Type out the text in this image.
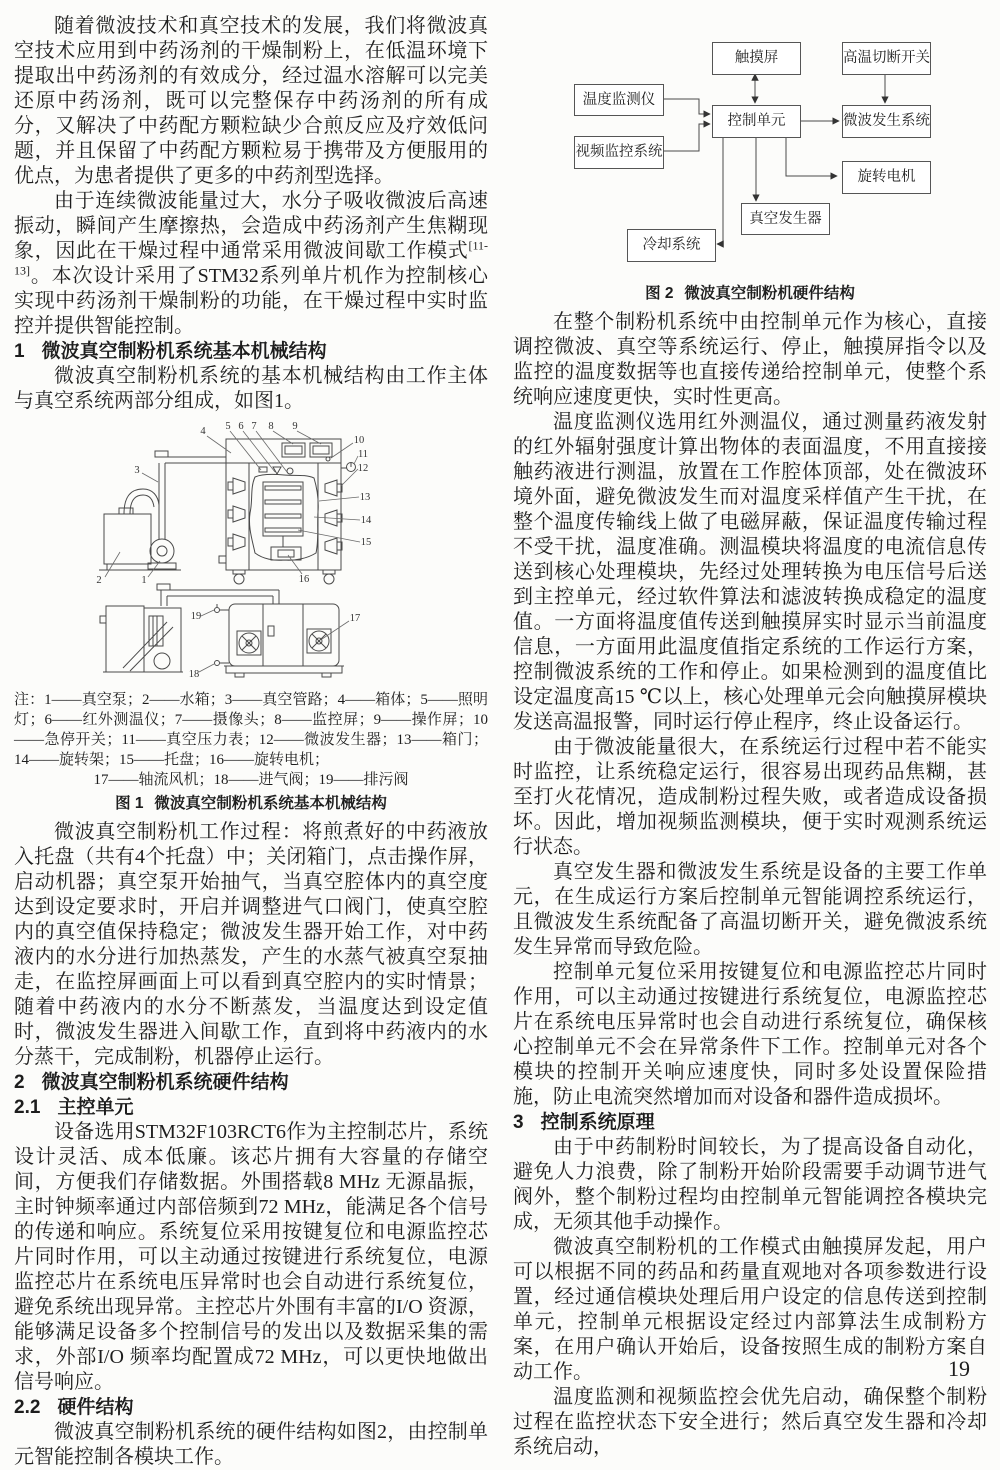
随着微波技术和真空技术的发展，我们将微波真空技术应用到中药汤剂的干燥制粉上，在低温环境下提取出中药汤剂的有效成分，经过温水溶解可以完美还原中药汤剂，既可以完整保存中药汤剂的所有成分，又解决了中药配方颗粒缺少合煎反应及疗效低问题，并且保留了中药配方颗粒易于携带及方便服用的优点，为患者提供了更多的中药剂型选择。

由于连续微波能量过大，水分子吸收微波后高速振动，瞬间产生摩擦热，会造成中药汤剂产生焦糊现象，因此在干燥过程中通常采用微波间歇工作模式[11-13]。本次设计采用了STM32系列单片机作为控制核心实现中药汤剂干燥制粉的功能，在干燥过程中实时监控并提供智能控制。

1 微波真空制粉机系统基本机械结构

微波真空制粉机系统的基本机械结构由工作主体与真空系统两部分组成，如图1。

1
2
3
4 5 6 7 8 9
10
11
12
13
14
15
16
17
18
19
注：1——真空泵；2——水箱；3——真空管路；4——箱体；5——照明灯；6——红外测温仪；7——摄像头；8——监控屏；9——操作屏；10——急停开关；11——真空压力表；12——微波发生器；13——箱门；14——旋转架；15——托盘；16——旋转电机；
17——轴流风机；18——进气阀；19——排污阀
图 1 微波真空制粉机系统基本机械结构

微波真空制粉机工作过程：将煎煮好的中药液放入托盘（共有4个托盘）中；关闭箱门，点击操作屏，启动机器；真空泵开始抽气，当真空腔体内的真空度达到设定要求时，开启并调整进气口阀门，使真空腔内的真空值保持稳定；微波发生器开始工作，对中药液内的水分进行加热蒸发，产生的水蒸气被真空泵抽走，在监控屏画面上可以看到真空腔内的实时情景；随着中药液内的水分不断蒸发，当温度达到设定值时，微波发生器进入间歇工作，直到将中药液内的水分蒸干，完成制粉，机器停止运行。

2 微波真空制粉机系统硬件结构
2.1 主控单元

设备选用STM32F103RCT6作为主控制芯片，系统设计灵活、成本低廉。该芯片拥有大容量的存储空间，方便我们存储数据。外围搭载8 MHz 无源晶振，主时钟频率通过内部倍频到72 MHz，能满足各个信号的传递和响应。系统复位采用按键复位和电源监控芯片同时作用，可以主动通过按键进行系统复位，电源监控芯片在系统电压异常时也会自动进行系统复位，避免系统出现异常。主控芯片外围有丰富的I/O 资源，能够满足设备多个控制信号的发出以及数据采集的需求，外部I/O 频率均配置成72 MHz，可以更快地做出信号响应。

2.2 硬件结构

微波真空制粉机系统的硬件结构如图2，由控制单元智能控制各模块工作。

触摸屏	高温切断开关
温度监测仪
控制单元	微波发生系统
视频监控系统
旋转电机
真空发生器
冷却系统
图 2 微波真空制粉机硬件结构

在整个制粉机系统中由控制单元作为核心，直接调控微波、真空等系统运行、停止，触摸屏指令以及监控的温度数据等也直接传递给控制单元，使整个系统响应速度更快，实时性更高。

温度监测仪选用红外测温仪，通过测量药液发射的红外辐射强度计算出物体的表面温度，不用直接接触药液进行测温，放置在工作腔体顶部，处在微波环境外面，避免微波发生而对温度采样值产生干扰，在整个温度传输线上做了电磁屏蔽，保证温度传输过程不受干扰，温度准确。测温模块将温度的电流信息传送到核心处理模块，先经过处理转换为电压信号后送到主控单元，经过软件算法和滤波转换成稳定的温度值。一方面将温度值传送到触摸屏实时显示当前温度信息，一方面用此温度值指定系统的工作运行方案，控制微波系统的工作和停止。如果检测到的温度值比设定温度高15 ℃以上，核心处理单元会向触摸屏模块发送高温报警，同时运行停止程序，终止设备运行。

由于微波能量很大，在系统运行过程中若不能实时监控，让系统稳定运行，很容易出现药品焦糊，甚至打火花情况，造成制粉过程失败，或者造成设备损坏。因此，增加视频监测模块，便于实时观测系统运行状态。

真空发生器和微波发生系统是设备的主要工作单元，在生成运行方案后控制单元智能调控系统运行，且微波发生系统配备了高温切断开关，避免微波系统发生异常而导致危险。

控制单元复位采用按键复位和电源监控芯片同时作用，可以主动通过按键进行系统复位，电源监控芯片在系统电压异常时也会自动进行系统复位，确保核心控制单元不会在异常条件下工作。控制单元对各个模块的控制开关响应速度快，同时多处设置保险措施，防止电流突然增加而对设备和器件造成损坏。

3 控制系统原理

由于中药制粉时间较长，为了提高设备自动化，避免人力浪费，除了制粉开始阶段需要手动调节进气阀外，整个制粉过程均由控制单元智能调控各模块完成，无须其他手动操作。

微波真空制粉机的工作模式由触摸屏发起，用户可以根据不同的药品和药量直观地对各项参数进行设置，经过通信模块处理后用户设定的信息传送到控制单元，控制单元根据设定经过内部算法生成制粉方案，在用户确认开始后，设备按照生成的制粉方案自动工作。

温度监测和视频监控会优先启动，确保整个制粉过程在监控状态下安全进行；然后真空发生器和冷却系统启动，

19
